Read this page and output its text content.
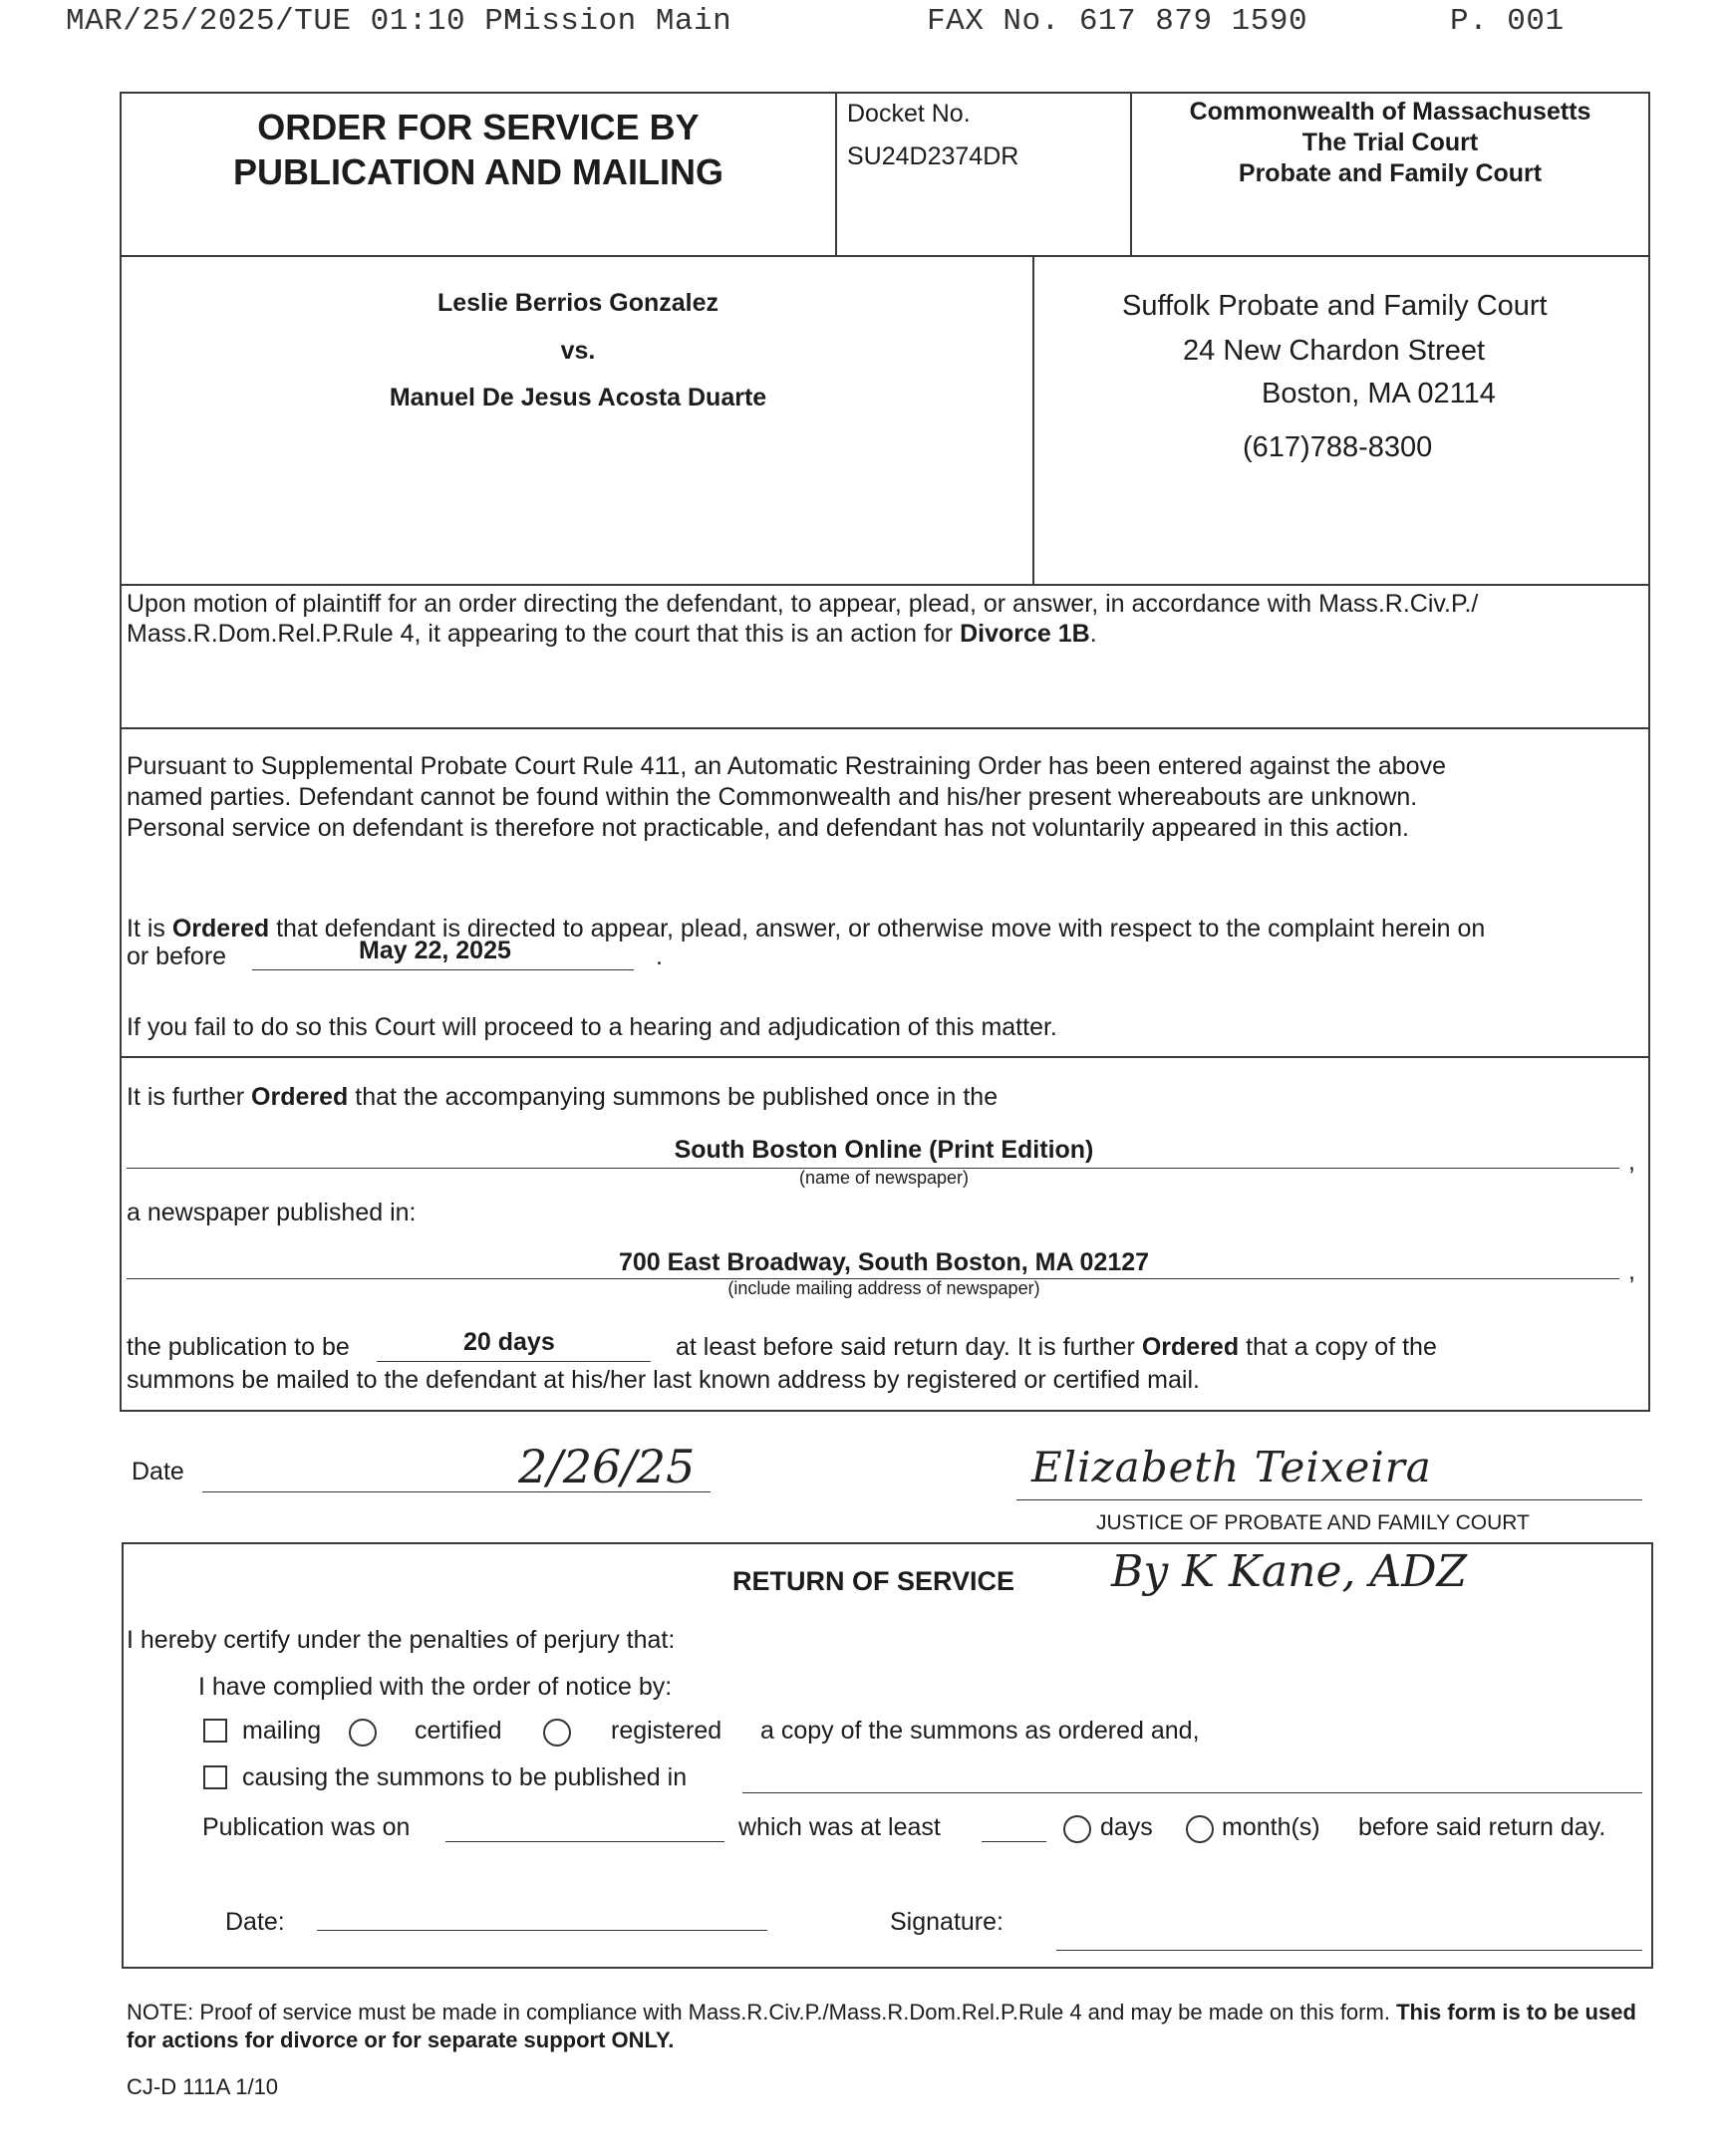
MAR/25/2025/TUE 01:10 PM
Mission Main	FAX No. 617 879 1590	P. 001
ORDER FOR SERVICE BY
PUBLICATION AND MAILING
Docket No.
SU24D2374DR
Commonwealth of Massachusetts
The Trial Court
Probate and Family Court
Leslie Berrios Gonzalez
vs.
Manuel De Jesus Acosta Duarte
Suffolk Probate and Family Court
24 New Chardon Street
Boston, MA 02114
(617)788-8300
Upon motion of plaintiff for an order directing the defendant, to appear, plead, or answer, in accordance with Mass.R.Civ.P./
Mass.R.Dom.Rel.P.Rule 4, it appearing to the court that this is an action for Divorce 1B.
Pursuant to Supplemental Probate Court Rule 411, an Automatic Restraining Order has been entered against the above
named parties. Defendant cannot be found within the Commonwealth and his/her present whereabouts are unknown.
Personal service on defendant is therefore not practicable, and defendant has not voluntarily appeared in this action.
It is Ordered that defendant is directed to appear, plead, answer, or otherwise move with respect to the complaint herein on
or before	May 22, 2025	.
If you fail to do so this Court will proceed to a hearing and adjudication of this matter.
It is further Ordered that the accompanying summons be published once in the
South Boston Online (Print Edition)	,
(name of newspaper)
a newspaper published in:
700 East Broadway, South Boston, MA 02127	,
(include mailing address of newspaper)
the publication to be	20 days	at least before said return day. It is further Ordered that a copy of the
summons be mailed to the defendant at his/her last known address by registered or certified mail.
Date	2/26/25	Elizabeth Teixeira
JUSTICE OF PROBATE AND FAMILY COURT
RETURN OF SERVICE By K Kane, ADZ
I hereby certify under the penalties of perjury that:
I have complied with the order of notice by:
mailing	certified	registered a copy of the summons as ordered and,
causing the summons to be published in
Publication was on	which was at least	days	month(s) before said return day.
Date:	Signature:
NOTE: Proof of service must be made in compliance with Mass.R.Civ.P./Mass.R.Dom.Rel.P.Rule 4 and may be made on this form. This form is to be used for actions for divorce or for separate support ONLY.
CJ-D 111A 1/10
